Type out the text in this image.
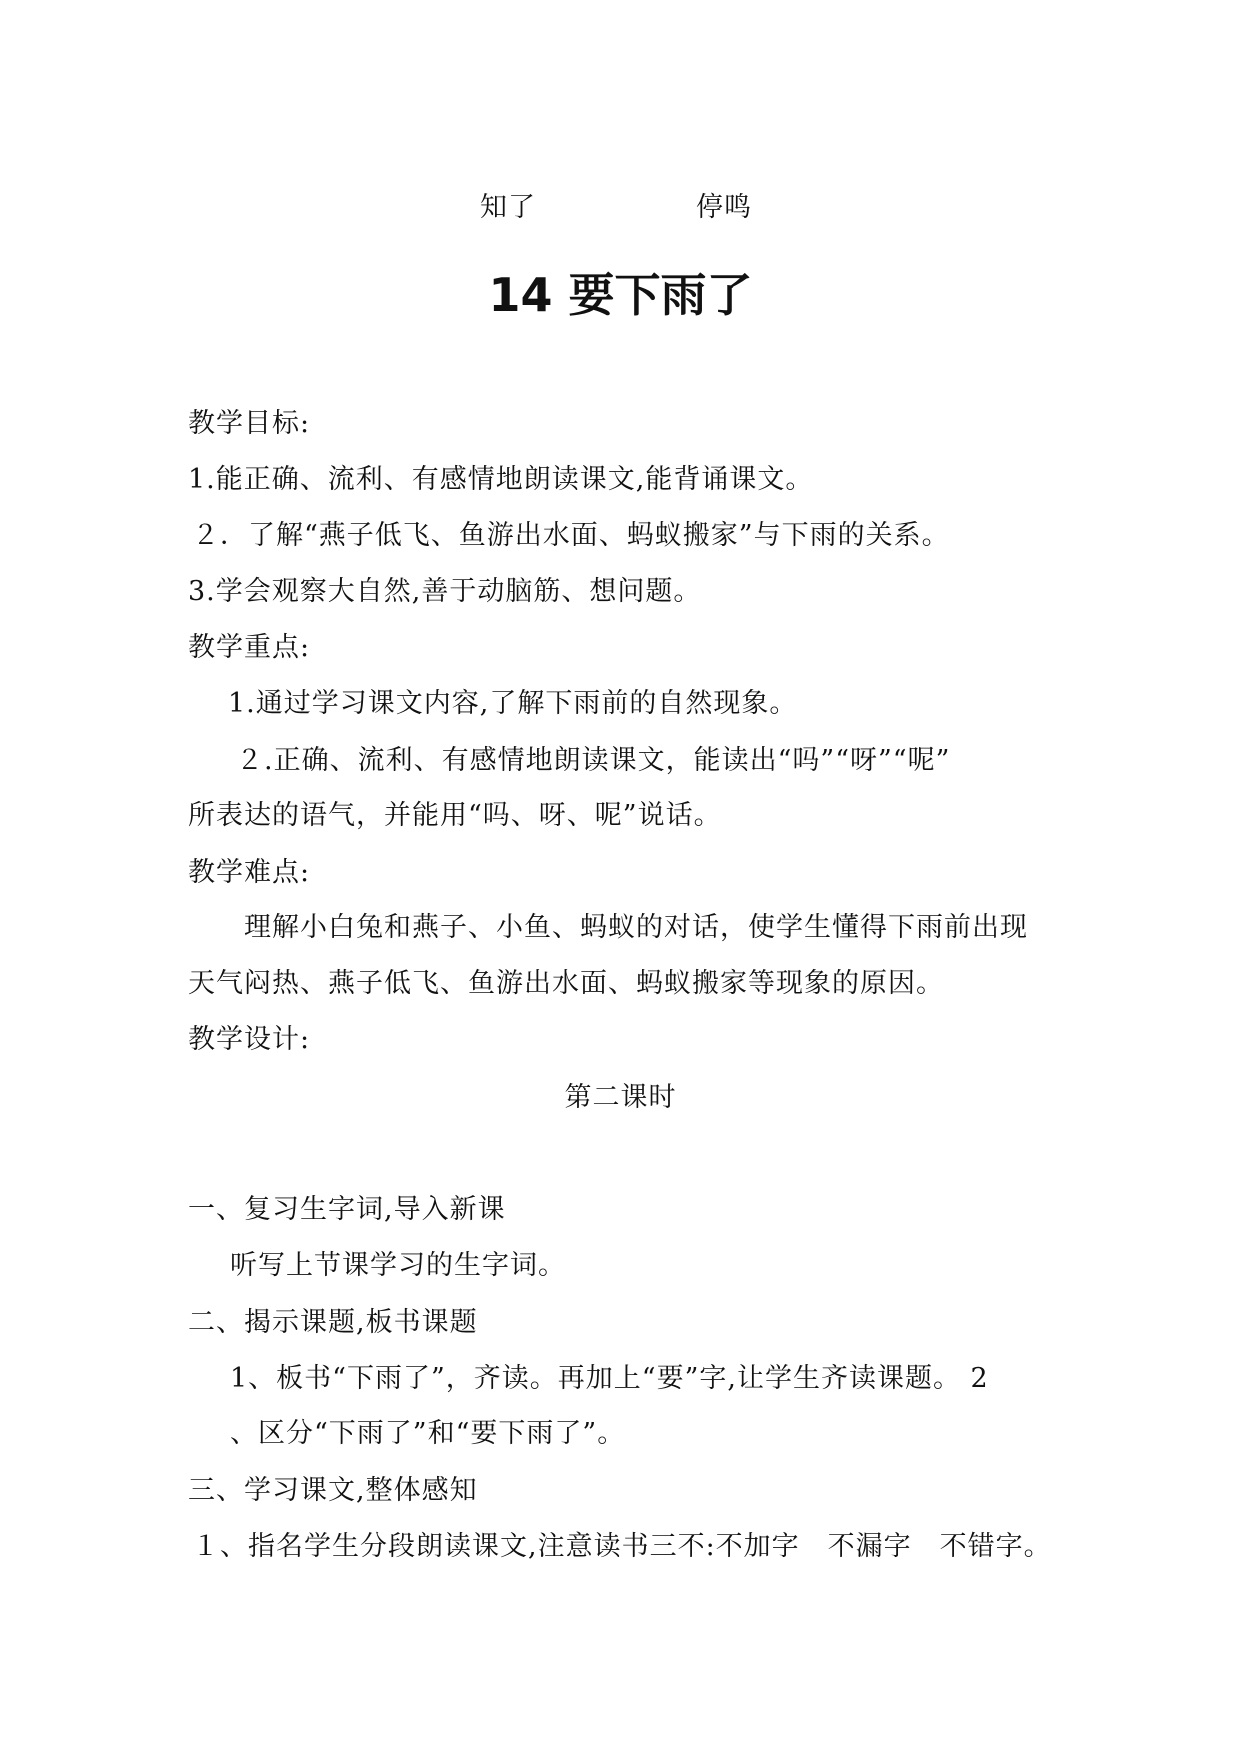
知了	停鸣
14 要下雨了
教学目标:
1.能正确、流利、有感情地朗读课文,能背诵课文。
２．了解“燕子低飞、鱼游出水面、蚂蚁搬家”与下雨的关系。
3.学会观察大自然,善于动脑筋、想问题。
教学重点:
1.通过学习课文内容,了解下雨前的自然现象。
２.正确、流利、有感情地朗读课文，能读出“吗”“呀”“呢”
所表达的语气，并能用“吗、呀、呢”说话。
教学难点:
理解小白兔和燕子、小鱼、蚂蚁的对话，使学生懂得下雨前出现
天气闷热、燕子低飞、鱼游出水面、蚂蚁搬家等现象的原因。
教学设计:
第二课时
一、复习生字词,导入新课
听写上节课学习的生字词。
二、揭示课题,板书课题
1、板书“下雨了”，齐读。再加上“要”字,让学生齐读课题。 2
、区分“下雨了”和“要下雨了”。
三、学习课文,整体感知
１、指名学生分段朗读课文,注意读书三不:不加字　不漏字　不错字。
